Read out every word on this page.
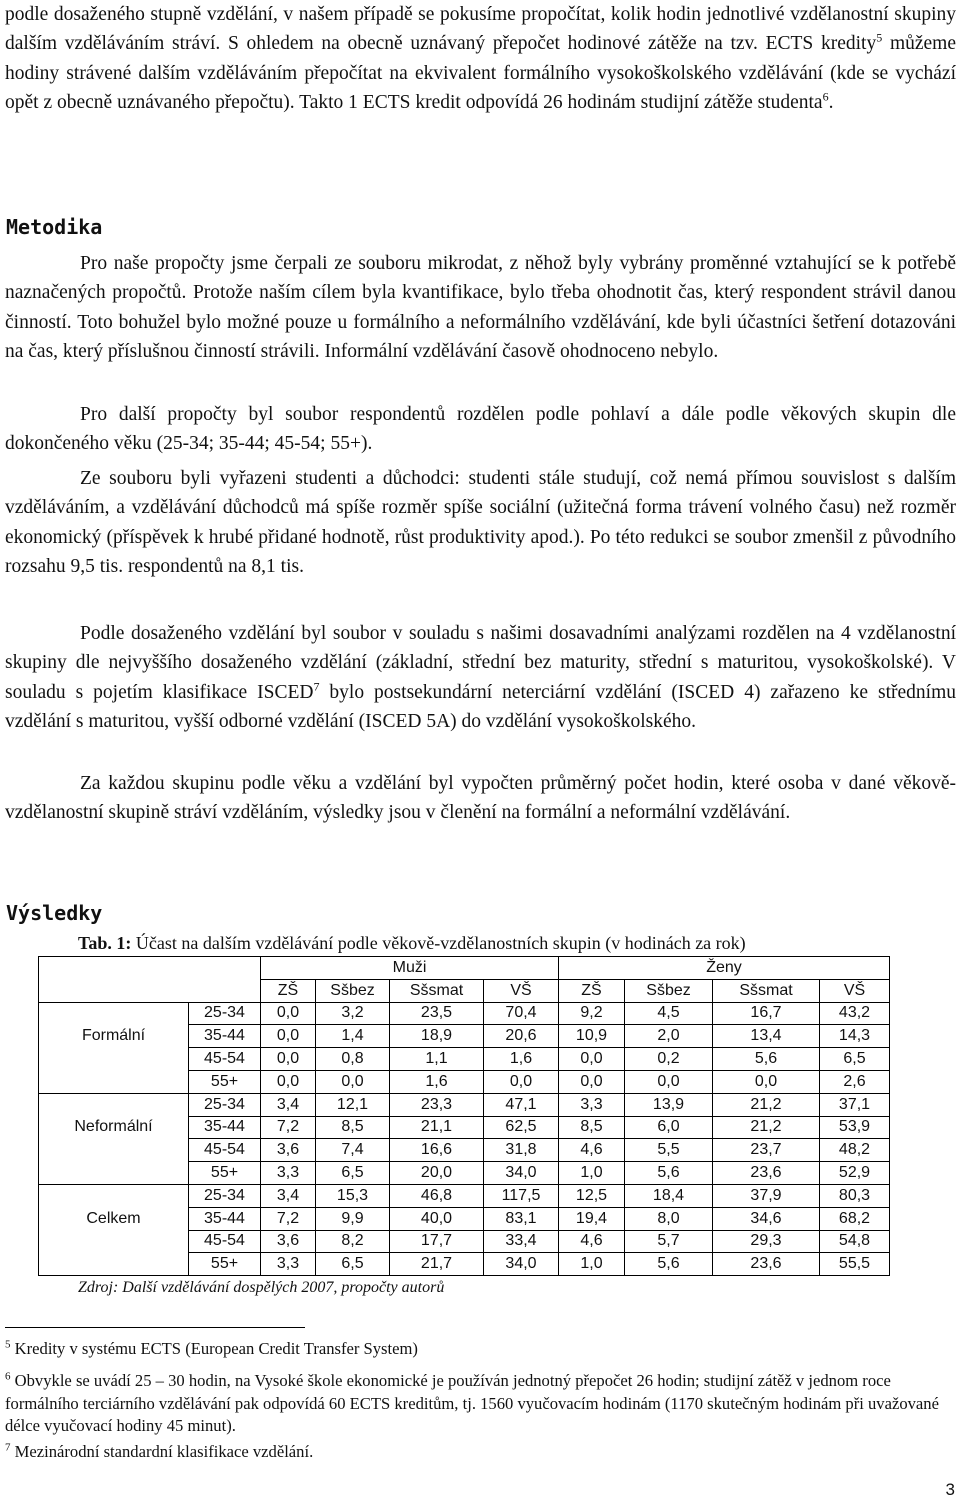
podle dosaženého stupně vzdělání, v našem případě se pokusíme propočítat, kolik hodin jednotlivé vzdělanostní skupiny dalším vzděláváním stráví. S ohledem na obecně uznávaný přepočet hodinové zátěže na tzv. ECTS kredity$^5$ můžeme hodiny strávené dalším vzděláváním přepočítat na ekvivalent formálního vysokoškolského vzdělávání (kde se vychází opět z obecně uznávaného přepočtu). Takto 1 ECTS kredit odpovídá 26 hodinám studijní zátěže studenta$^6$.

Metodika

Pro naše propočty jsme čerpali ze souboru mikrodat, z něhož byly vybrány proměnné vztahující se k potřebě naznačených propočtů. Protože naším cílem byla kvantifikace, bylo třeba ohodnotit čas, který respondent strávil danou činností. Toto bohužel bylo možné pouze u formálního a neformálního vzdělávání, kde byli účastníci šetření dotazováni na čas, který příslušnou činností strávili. Informální vzdělávání časově ohodnoceno nebylo.

Pro další propočty byl soubor respondentů rozdělen podle pohlaví a dále podle věkových skupin dle dokončeného věku (25-34; 35-44; 45-54; 55+).

Ze souboru byli vyřazeni studenti a důchodci: studenti stále studují, což nemá přímou souvislost s dalším vzděláváním, a vzdělávání důchodců má spíše rozměr spíše sociální (užitečná forma trávení volného času) než rozměr ekonomický (příspěvek k hrubé přidané hodnotě, růst produktivity apod.). Po této redukci se soubor zmenšil z původního rozsahu 9,5 tis. respondentů na 8,1 tis.

Podle dosaženého vzdělání byl soubor v souladu s našimi dosavadními analýzami rozdělen na 4 vzdělanostní skupiny dle nejvyššího dosaženého vzdělání (základní, střední bez maturity, střední s maturitou, vysokoškolské). V souladu s pojetím klasifikace ISCED$^7$ bylo postsekundární neterciární vzdělání (ISCED 4) zařazeno ke střednímu vzdělání s maturitou, vyšší odborné vzdělání (ISCED 5A) do vzdělání vysokoškolského.

Za každou skupinu podle věku a vzdělání byl vypočten průměrný počet hodin, které osoba v dané věkově-vzdělanostní skupině stráví vzděláním, výsledky jsou v členění na formální a neformální vzdělávání.

Výsledky

Tab. 1: Účast na dalším vzdělávání podle věkově-vzdělanostních skupin (v hodinách za rok)

		Muži				Ženy			
		ZŠ	Sšbez	Sšsmat	VŠ	ZŠ	Sšbez	Sšsmat	VŠ
	25-34	0,0	3,2	23,5	70,4	9,2	4,5	16,7	43,2
Formální	35-44	0,0	1,4	18,9	20,6	10,9	2,0	13,4	14,3
	45-54	0,0	0,8	1,1	1,6	0,0	0,2	5,6	6,5
	55+	0,0	0,0	1,6	0,0	0,0	0,0	0,0	2,6
	25-34	3,4	12,1	23,3	47,1	3,3	13,9	21,2	37,1
Neformální	35-44	7,2	8,5	21,1	62,5	8,5	6,0	21,2	53,9
	45-54	3,6	7,4	16,6	31,8	4,6	5,5	23,7	48,2
	55+	3,3	6,5	20,0	34,0	1,0	5,6	23,6	52,9
	25-34	3,4	15,3	46,8	117,5	12,5	18,4	37,9	80,3
Celkem	35-44	7,2	9,9	40,0	83,1	19,4	8,0	34,6	68,2
	45-54	3,6	8,2	17,7	33,4	4,6	5,7	29,3	54,8
	55+	3,3	6,5	21,7	34,0	1,0	5,6	23,6	55,5

Zdroj: Další vzdělávání dospělých 2007, propočty autorů

$^5$ Kredity v systému ECTS (European Credit Transfer System)

$^6$ Obvykle se uvádí 25 – 30 hodin, na Vysoké škole ekonomické je používán jednotný přepočet 26 hodin; studijní zátěž v jednom roce formálního terciárního vzdělávání pak odpovídá 60 ECTS kreditům, tj. 1560 vyučovacím hodinám (1170 skutečným hodinám při uvažované délce vyučovací hodiny 45 minut).

$^7$ Mezinárodní standardní klasifikace vzdělání.

3
